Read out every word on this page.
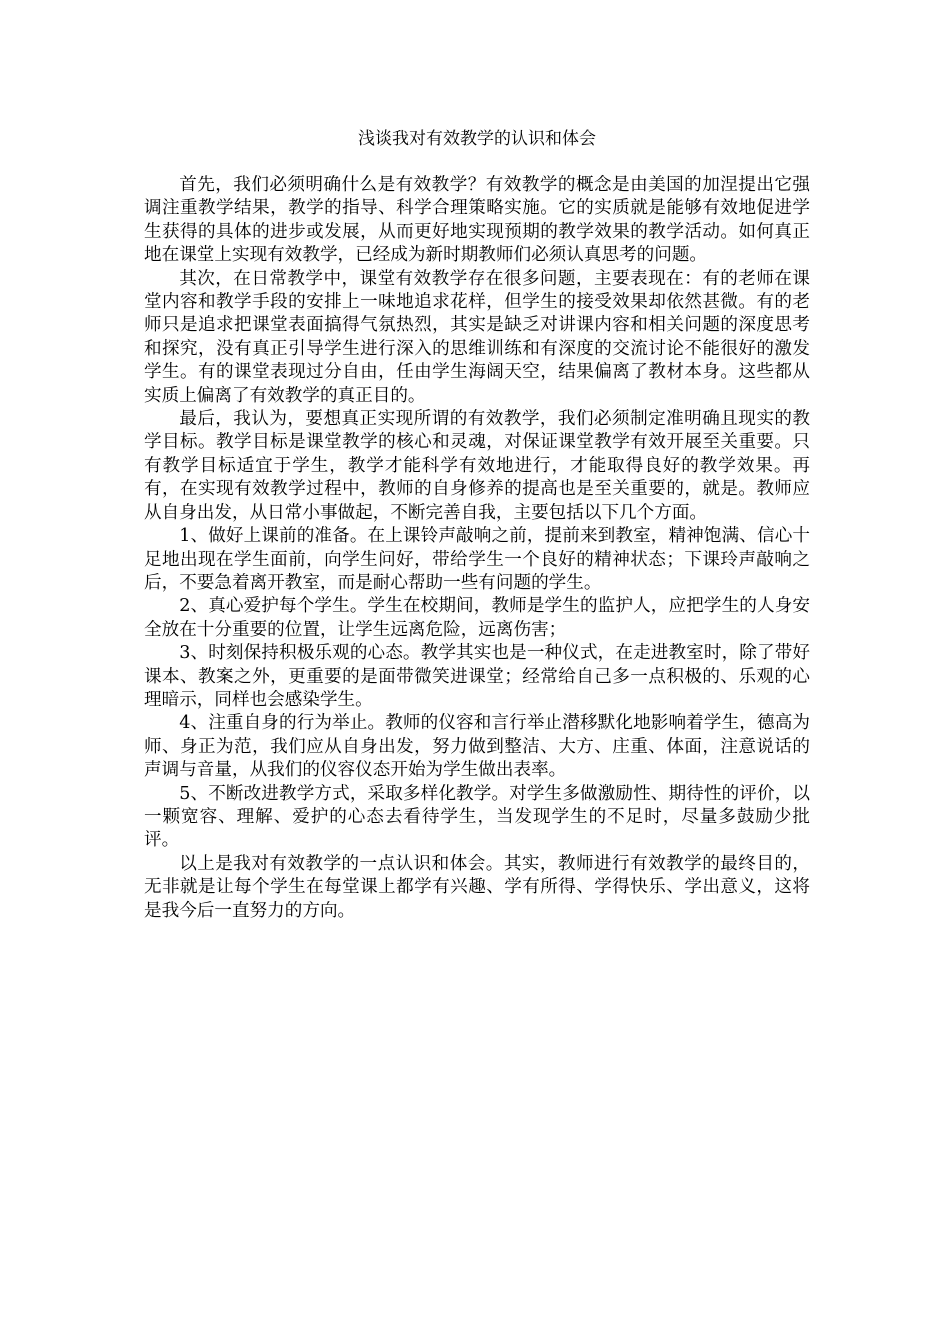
浅谈我对有效教学的认识和体会

首先，我们必须明确什么是有效教学？有效教学的概念是由美国的加涅提出它强调注重教学结果，教学的指导、科学合理策略实施。它的实质就是能够有效地促进学生获得的具体的进步或发展，从而更好地实现预期的教学效果的教学活动。如何真正地在课堂上实现有效教学，已经成为新时期教师们必须认真思考的问题。

其次，在日常教学中，课堂有效教学存在很多问题，主要表现在：有的老师在课堂内容和教学手段的安排上一味地追求花样，但学生的接受效果却依然甚微。有的老师只是追求把课堂表面搞得气氛热烈，其实是缺乏对讲课内容和相关问题的深度思考和探究，没有真正引导学生进行深入的思维训练和有深度的交流讨论不能很好的激发学生。有的课堂表现过分自由，任由学生海阔天空，结果偏离了教材本身。这些都从实质上偏离了有效教学的真正目的。

最后，我认为，要想真正实现所谓的有效教学，我们必须制定准明确且现实的教学目标。教学目标是课堂教学的核心和灵魂，对保证课堂教学有效开展至关重要。只有教学目标适宜于学生，教学才能科学有效地进行，才能取得良好的教学效果。再有，在实现有效教学过程中，教师的自身修养的提高也是至关重要的，就是。教师应从自身出发，从日常小事做起，不断完善自我，主要包括以下几个方面。

1、做好上课前的准备。在上课铃声敲响之前，提前来到教室，精神饱满、信心十足地出现在学生面前，向学生问好，带给学生一个良好的精神状态；下课玲声敲响之后，不要急着离开教室，而是耐心帮助一些有问题的学生。

2、真心爱护每个学生。学生在校期间，教师是学生的监护人，应把学生的人身安全放在十分重要的位置，让学生远离危险，远离伤害；

3、时刻保持积极乐观的心态。教学其实也是一种仪式，在走进教室时，除了带好课本、教案之外，更重要的是面带微笑进课堂；经常给自己多一点积极的、乐观的心理暗示，同样也会感染学生。

4、注重自身的行为举止。教师的仪容和言行举止潜移默化地影响着学生，德高为师、身正为范，我们应从自身出发，努力做到整洁、大方、庄重、体面，注意说话的声调与音量，从我们的仪容仪态开始为学生做出表率。

5、不断改进教学方式，采取多样化教学。对学生多做激励性、期待性的评价，以一颗宽容、理解、爱护的心态去看待学生，当发现学生的不足时，尽量多鼓励少批评。

以上是我对有效教学的一点认识和体会。其实，教师进行有效教学的最终目的，无非就是让每个学生在每堂课上都学有兴趣、学有所得、学得快乐、学出意义，这将是我今后一直努力的方向。
